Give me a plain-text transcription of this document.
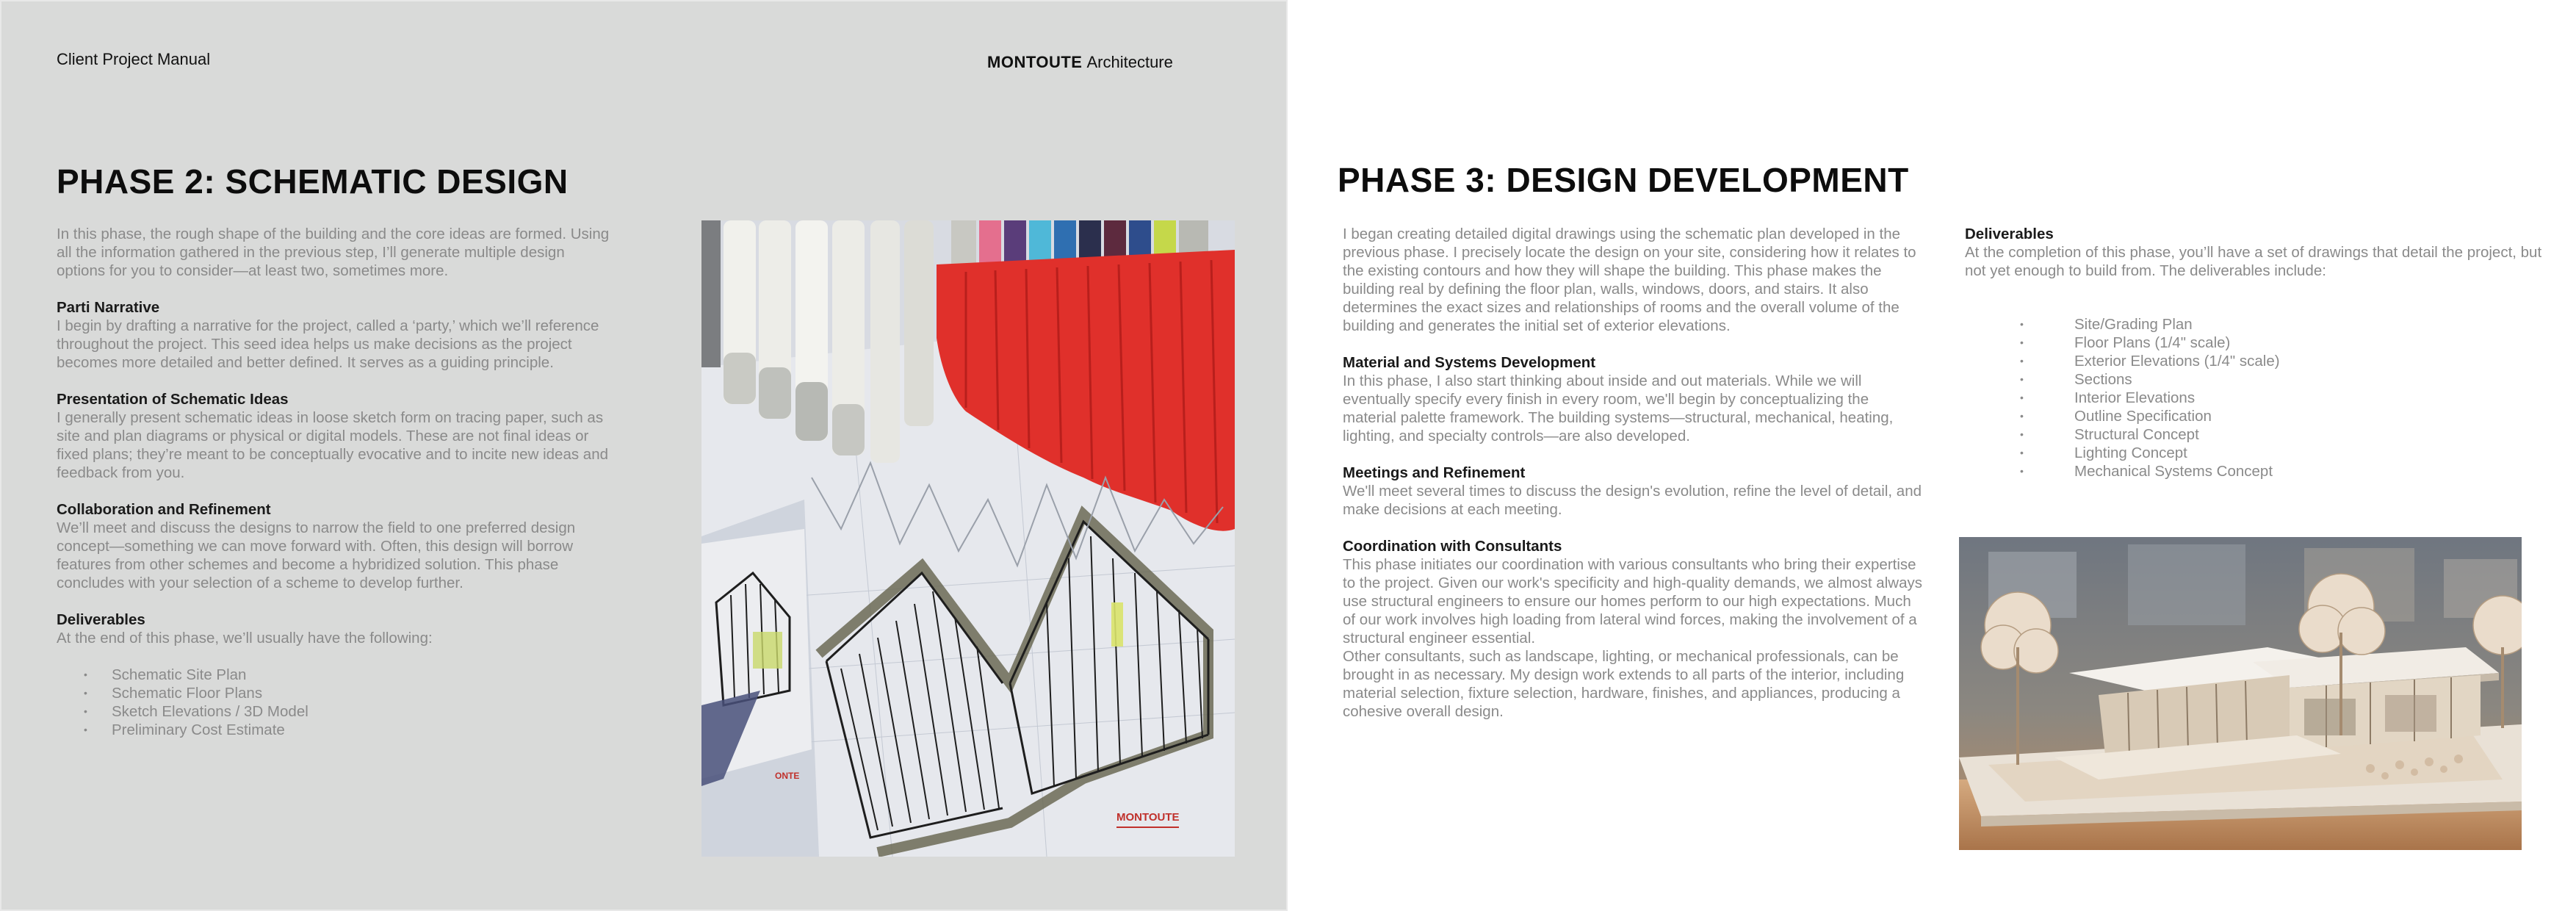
Client Project Manual
PHASE 2: SCHEMATIC DESIGN

In this phase, the rough shape of the building and the core ideas are formed. Using all the information gathered in the previous step, I’ll generate multiple design options for you to consider—at least two, sometimes more.

Parti Narrative

I begin by drafting a narrative for the project, called a ‘party,’ which we’ll reference throughout the project. This seed idea helps us make decisions as the project becomes more detailed and better defined. It serves as a guiding principle.

Presentation of Schematic Ideas

I generally present schematic ideas in loose sketch form on tracing paper, such as site and plan diagrams or physical or digital models. These are not final ideas or fixed plans; they’re meant to be conceptually evocative and to incite new ideas and feedback from you.

Collaboration and Refinement

We’ll meet and discuss the designs to narrow the field to one preferred design concept—something we can move forward with. Often, this design will borrow features from other schemes and become a hybridized solution. This phase concludes with your selection of a scheme to develop further.

Deliverables

At the end of this phase, we’ll usually have the following:

• Schematic Site Plan
• Schematic Floor Plans
• Sketch Elevations / 3D Model
• Preliminary Cost Estimate
ONTE
MONTOUTE
MONTOUTE Architecture
PHASE 3: DESIGN DEVELOPMENT

I began creating detailed digital drawings using the schematic plan developed in the previous phase. I precisely locate the design on your site, considering how it relates to the existing contours and how they will shape the building. This phase makes the building real by defining the floor plan, walls, windows, doors, and stairs. It also determines the exact sizes and relationships of rooms and the overall volume of the building and generates the initial set of exterior elevations.

Material and Systems Development

In this phase, I also start thinking about inside and out materials. While we will eventually specify every finish in every room, we'll begin by conceptualizing the material palette framework. The building systems—structural, mechanical, heating, lighting, and specialty controls—are also developed.

Meetings and Refinement

We'll meet several times to discuss the design's evolution, refine the level of detail, and make decisions at each meeting.

Coordination with Consultants

This phase initiates our coordination with various consultants who bring their expertise to the project. Given our work's specificity and high-quality demands, we almost always use structural engineers to ensure our homes perform to our high expectations. Much of our work involves high loading from lateral wind forces, making the involvement of a structural engineer essential.

Other consultants, such as landscape, lighting, or mechanical professionals, can be brought in as necessary. My design work extends to all parts of the interior, including material selection, fixture selection, hardware, finishes, and appliances, producing a cohesive overall design.

Deliverables

At the completion of this phase, you’ll have a set of drawings that detail the project, but not yet enough to build from. The deliverables include:

•	Site/Grading Plan
•	Floor Plans (1/4" scale)
•	Exterior Elevations (1/4" scale)
•	Sections
•	Interior Elevations
•	Outline Specification
•	Structural Concept
•	Lighting Concept
•	Mechanical Systems Concept
